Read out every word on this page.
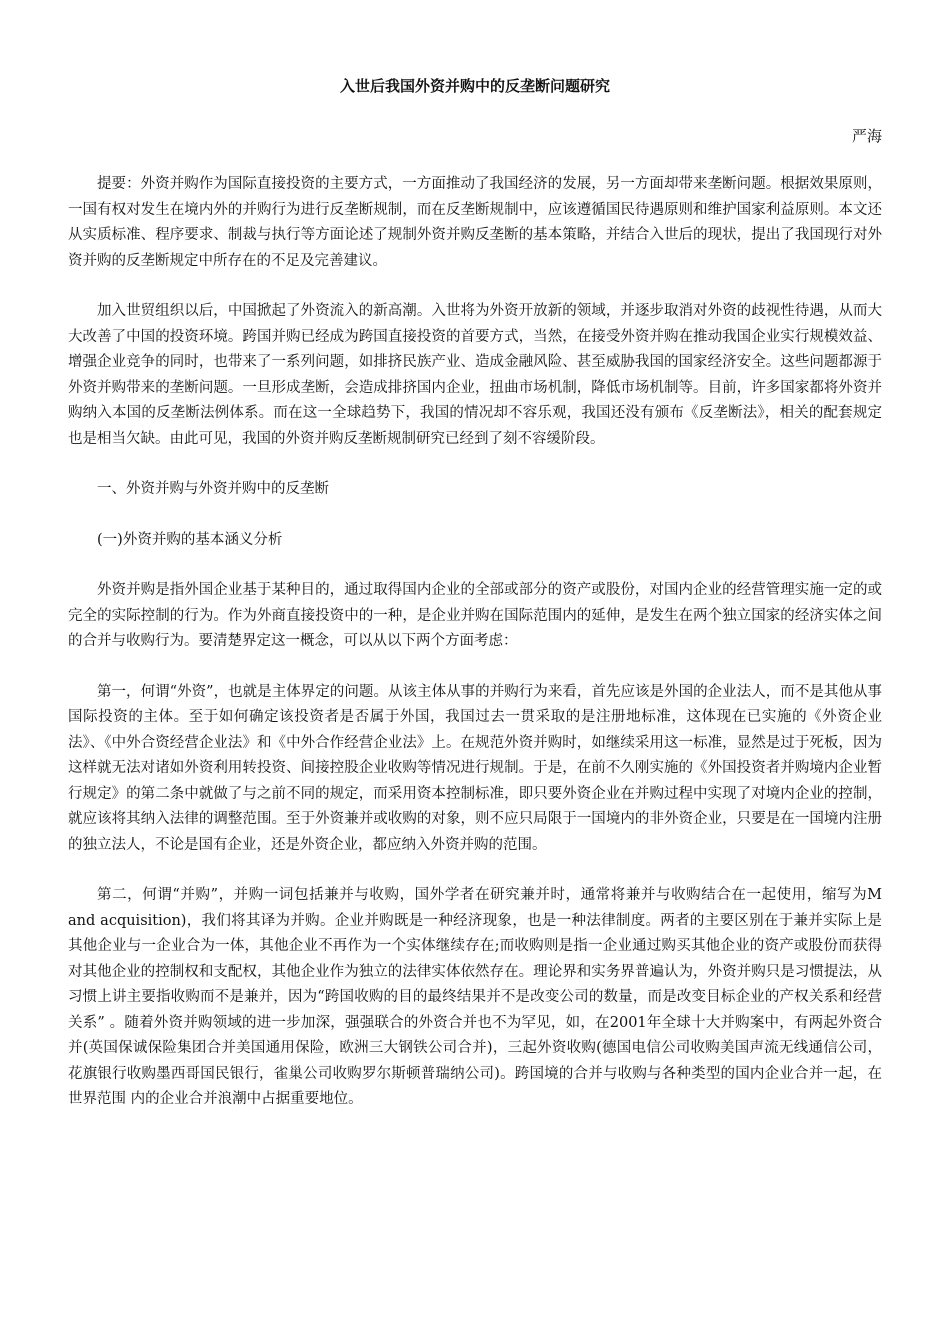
入世后我国外资并购中的反垄断问题研究
严海

提要：外资并购作为国际直接投资的主要方式，一方面推动了我国经济的发展，另一方面却带来垄断问题。根据效果原则，一国有权对发生在境内外的并购行为进行反垄断规制，而在反垄断规制中，应该遵循国民待遇原则和维护国家利益原则。本文还从实质标准、程序要求、制裁与执行等方面论述了规制外资并购反垄断的基本策略，并结合入世后的现状，提出了我国现行对外资并购的反垄断规定中所存在的不足及完善建议。

加入世贸组织以后，中国掀起了外资流入的新高潮。入世将为外资开放新的领域，并逐步取消对外资的歧视性待遇，从而大大改善了中国的投资环境。跨国并购已经成为跨国直接投资的首要方式，当然，在接受外资并购在推动我国企业实行规模效益、增强企业竞争的同时，也带来了一系列问题，如排挤民族产业、造成金融风险、甚至威胁我国的国家经济安全。这些问题都源于外资并购带来的垄断问题。一旦形成垄断，会造成排挤国内企业，扭曲市场机制，降低市场机制等。目前，许多国家都将外资并购纳入本国的反垄断法例体系。而在这一全球趋势下，我国的情况却不容乐观，我国还没有颁布《反垄断法》，相关的配套规定也是相当欠缺。由此可见，我国的外资并购反垄断规制研究已经到了刻不容缓阶段。

一、外资并购与外资并购中的反垄断
(一)外资并购的基本涵义分析

外资并购是指外国企业基于某种目的，通过取得国内企业的全部或部分的资产或股份，对国内企业的经营管理实施一定的或完全的实际控制的行为。作为外商直接投资中的一种，是企业并购在国际范围内的延伸，是发生在两个独立国家的经济实体之间的合并与收购行为。要清楚界定这一概念，可以从以下两个方面考虑：

第一，何谓“外资”，也就是主体界定的问题。从该主体从事的并购行为来看，首先应该是外国的企业法人，而不是其他从事国际投资的主体。至于如何确定该投资者是否属于外国，我国过去一贯采取的是注册地标准，这体现在已实施的《外资企业法》、《中外合资经营企业法》和《中外合作经营企业法》上。在规范外资并购时，如继续采用这一标准，显然是过于死板，因为这样就无法对诸如外资利用转投资、间接控股企业收购等情况进行规制。于是，在前不久刚实施的《外国投资者并购境内企业暂行规定》的第二条中就做了与之前不同的规定，而采用资本控制标准，即只要外资企业在并购过程中实现了对境内企业的控制，就应该将其纳入法律的调整范围。至于外资兼并或收购的对象，则不应只局限于一国境内的非外资企业，只要是在一国境内注册的独立法人，不论是国有企业，还是外资企业，都应纳入外资并购的范围。

第二，何谓“并购”，并购一词包括兼并与收购，国外学者在研究兼并时，通常将兼并与收购结合在一起使用，缩写为M and acquisition)，我们将其译为并购。企业并购既是一种经济现象，也是一种法律制度。两者的主要区别在于兼并实际上是其他企业与一企业合为一体，其他企业不再作为一个实体继续存在;而收购则是指一企业通过购买其他企业的资产或股份而获得对其他企业的控制权和支配权，其他企业作为独立的法律实体依然存在。理论界和实务界普遍认为，外资并购只是习惯提法，从习惯上讲主要指收购而不是兼并，因为“跨国收购的目的最终结果并不是改变公司的数量，而是改变目标企业的产权关系和经营关系” 。随着外资并购领域的进一步加深，强强联合的外资合并也不为罕见，如，在2001年全球十大并购案中，有两起外资合并(英国保诚保险集团合并美国通用保险，欧洲三大钢铁公司合并)，三起外资收购(德国电信公司收购美国声流无线通信公司，花旗银行收购墨西哥国民银行，雀巢公司收购罗尔斯顿普瑞纳公司)。跨国境的合并与收购与各种类型的国内企业合并一起，在世界范围 内的企业合并浪潮中占据重要地位。
